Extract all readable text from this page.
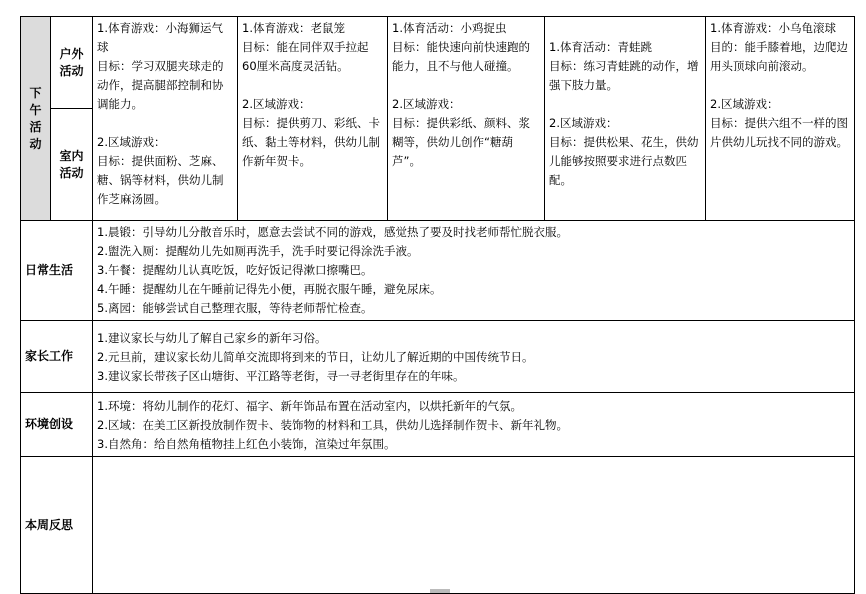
下午活动	户外活动	1.体育游戏：小海狮运气球
目标：学习双腿夹球走的动作，提高腿部控制和协调能力。
2.区域游戏：
目标：提供面粉、芝麻、糖、锅等材料，供幼儿制作芝麻汤圆。	1.体育游戏：老鼠笼
目标：能在同伴双手拉起60厘米高度灵活钻。
2.区域游戏：
目标：提供剪刀、彩纸、卡纸、黏土等材料，供幼儿制作新年贺卡。	1.体育活动：小鸡捉虫
目标：能快速向前快速跑的能力，且不与他人碰撞。
2.区域游戏：
目标：提供彩纸、颜料、浆糊等，供幼儿创作“糖葫芦”。	1.体育活动：青蛙跳
目标：练习青蛙跳的动作，增强下肢力量。
2.区域游戏：
目标：提供松果、花生，供幼儿能够按照要求进行点数匹配。	1.体育游戏：小乌龟滚球
目的：能手膝着地，边爬边用头顶球向前滚动。
2.区域游戏：
目标：提供六组不一样的图片供幼儿玩找不同的游戏。

	室内活动					
日常生活		1.晨锻：引导幼儿分散音乐时，愿意去尝试不同的游戏，感觉热了要及时找老师帮忙脱衣服。
2.盥洗入厕：提醒幼儿先如厕再洗手，洗手时要记得涂洗手液。
3.午餐：提醒幼儿认真吃饭，吃好饭记得漱口擦嘴巴。
4.午睡：提醒幼儿在午睡前记得先小便，再脱衣服午睡，避免尿床。
5.离园：能够尝试自己整理衣服，等待老师帮忙检查。				

家长工作		1.建议家长与幼儿了解自己家乡的新年习俗。
2.元旦前，建议家长幼儿简单交流即将到来的节日，让幼儿了解近期的中国传统节日。
3.建议家长带孩子区山塘街、平江路等老街，寻一寻老街里存在的年味。				

环境创设		1.环境：将幼儿制作的花灯、福字、新年饰品布置在活动室内，以烘托新年的气氛。
2.区域：在美工区新投放制作贺卡、装饰物的材料和工具，供幼儿选择制作贺卡、新年礼物。
3.自然角：给自然角植物挂上红色小装饰，渲染过年氛围。				

本周反思						
